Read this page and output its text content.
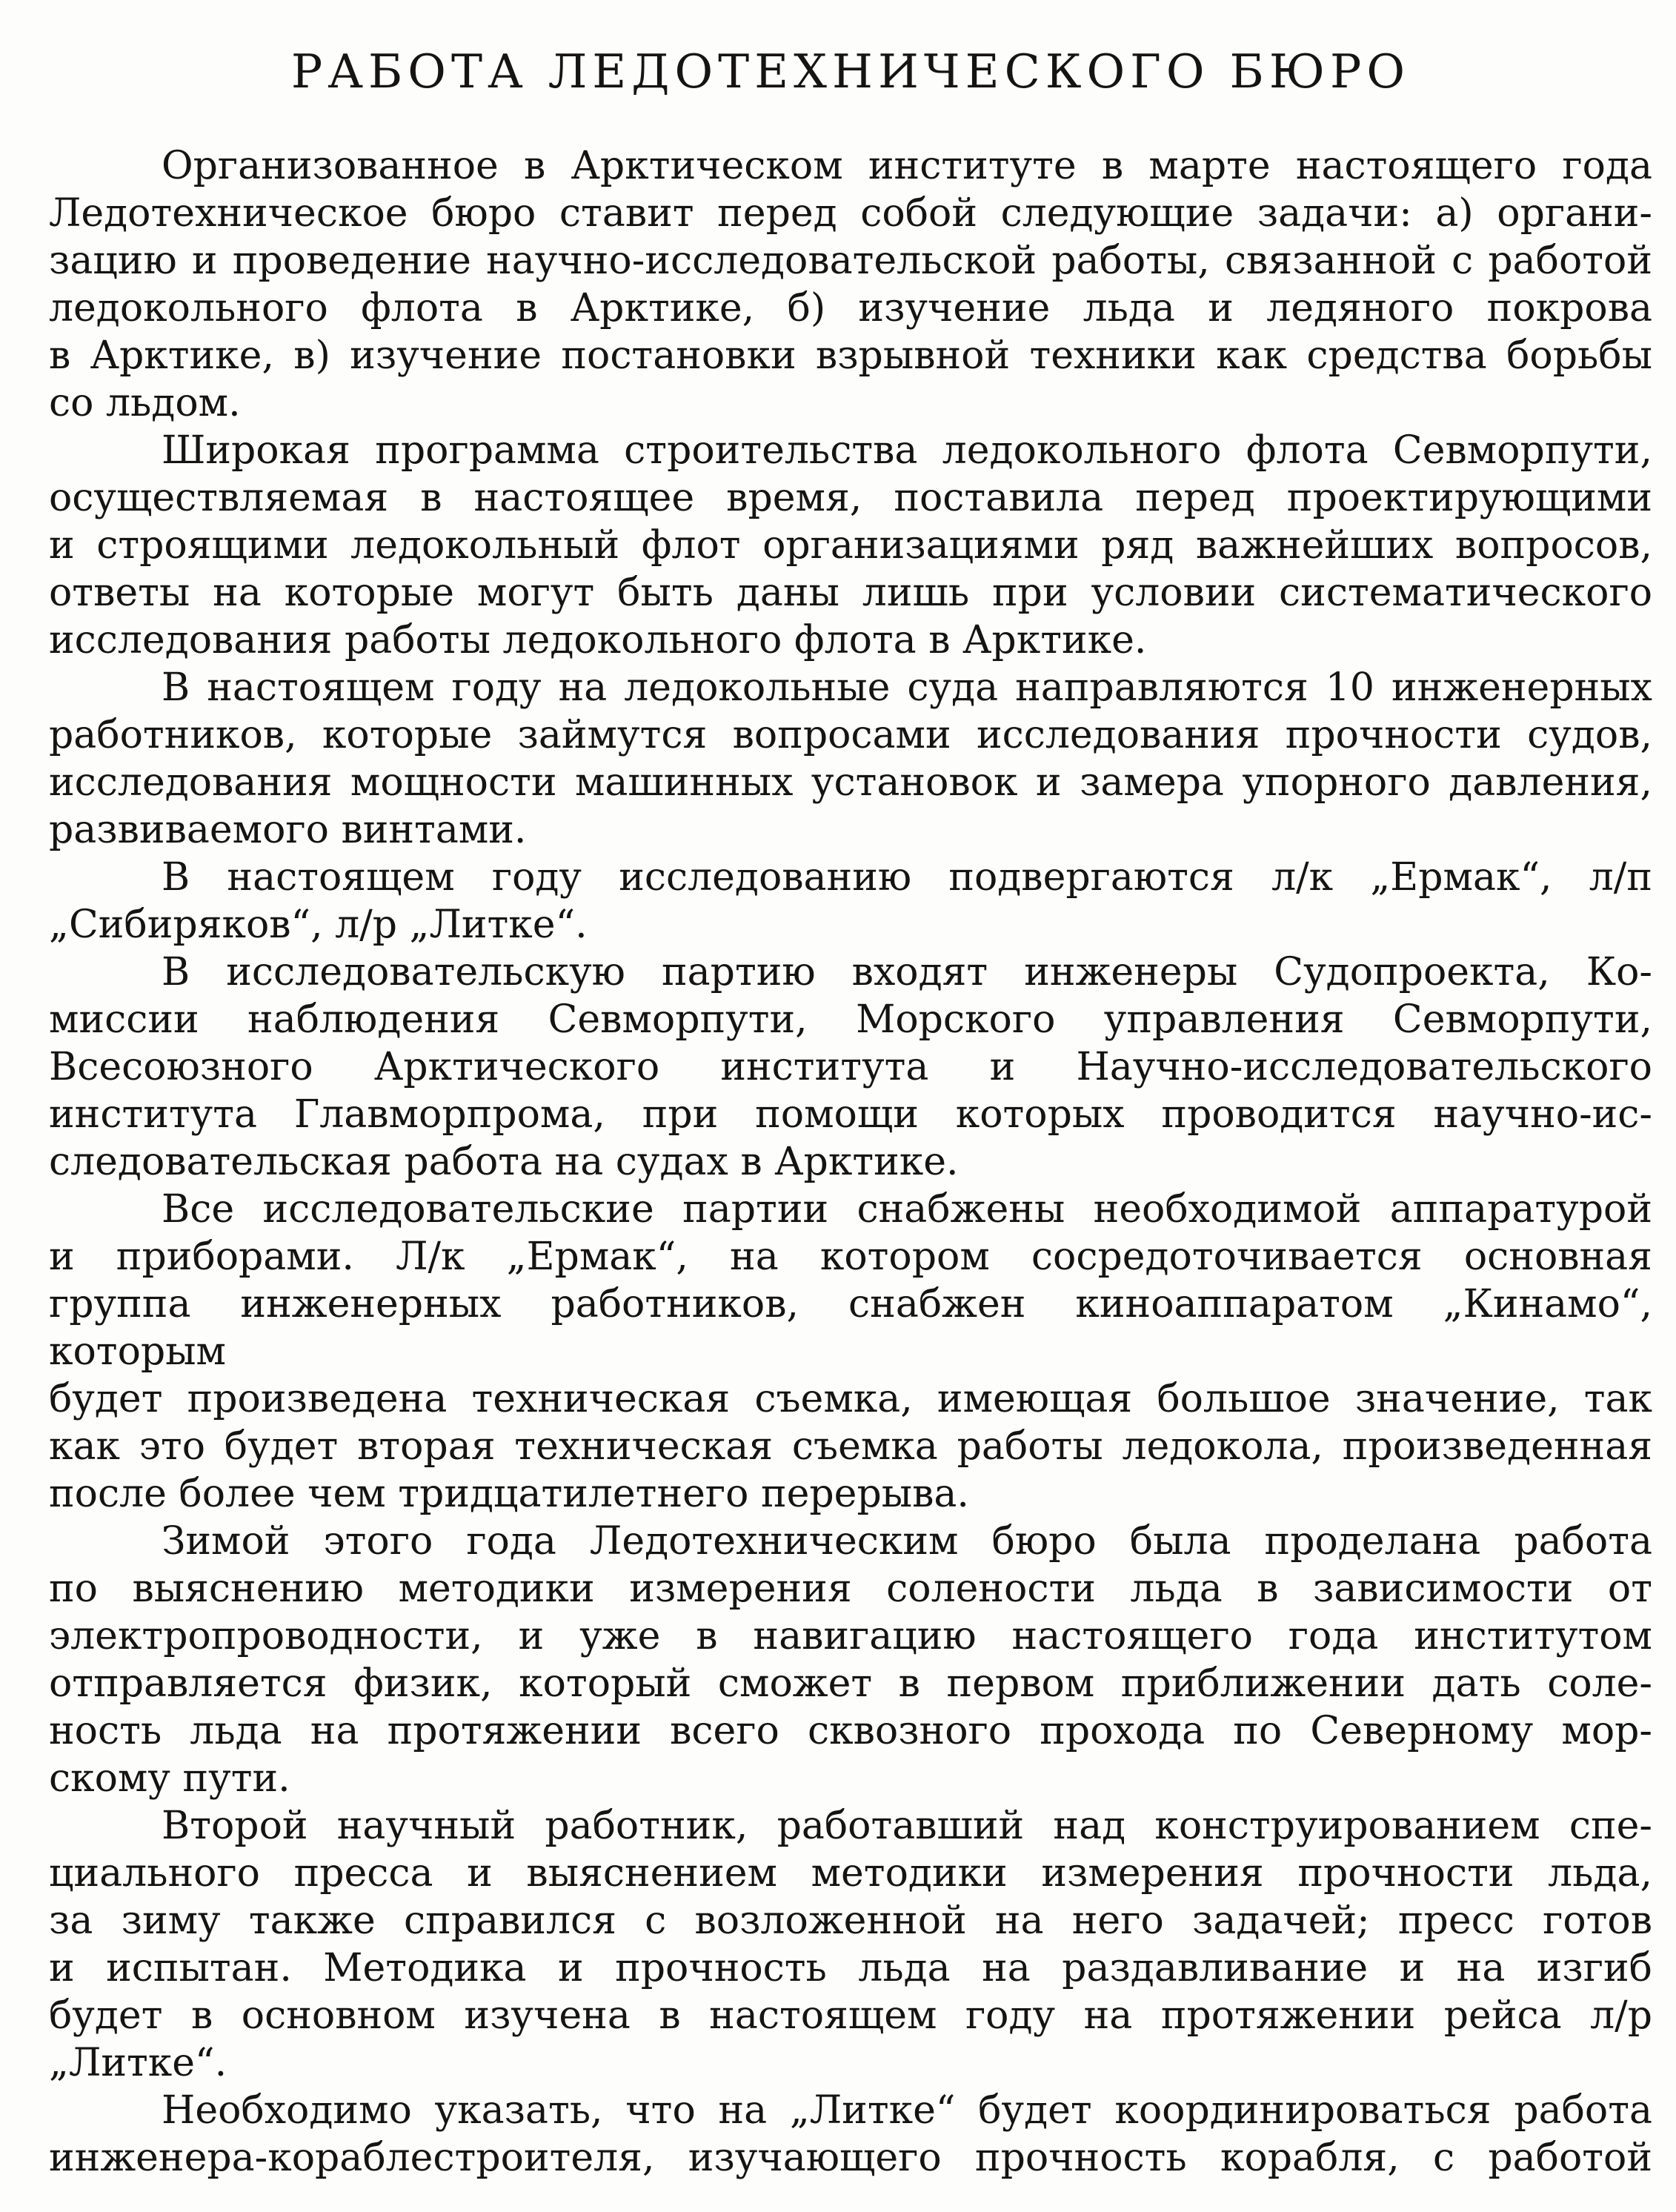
РАБОТА ЛЕДОТЕХНИЧЕСКОГО БЮРО
Организованное в Арктическом институте в марте настоящего года
Ледотехническое бюро ставит перед собой следующие задачи: а) органи-
зацию и проведение научно-исследовательской работы, связанной с работой
ледокольного флота в Арктике, б) изучение льда и ледяного покрова
в Арктике, в) изучение постановки взрывной техники как средства борьбы
со льдом.
Широкая программа строительства ледокольного флота Севморпути,
осуществляемая в настоящее время, поставила перед проектирующими
и строящими ледокольный флот организациями ряд важнейших вопросов,
ответы на которые могут быть даны лишь при условии систематического
исследования работы ледокольного флота в Арктике.
В настоящем году на ледокольные суда направляются 10 инженерных
работников, которые займутся вопросами исследования прочности судов,
исследования мощности машинных установок и замера упорного давления,
развиваемого винтами.
В настоящем году исследованию подвергаются л/к „Ермак“, л/п
„Сибиряков“, л/р „Литке“.
В исследовательскую партию входят инженеры Судопроекта, Ко-
миссии наблюдения Севморпути, Морского управления Севморпути,
Всесоюзного Арктического института и Научно-исследовательского
института Главморпрома, при помощи которых проводится научно-ис-
следовательская работа на судах в Арктике.
Все исследовательские партии снабжены необходимой аппаратурой
и приборами. Л/к „Ермак“, на котором сосредоточивается основная
группа инженерных работников, снабжен киноаппаратом „Кинамо“, которым
будет произведена техническая съемка, имеющая большое значение, так
как это будет вторая техническая съемка работы ледокола, произведенная
после более чем тридцатилетнего перерыва.
Зимой этого года Ледотехническим бюро была проделана работа
по выяснению методики измерения солености льда в зависимости от
электропроводности, и уже в навигацию настоящего года институтом
отправляется физик, который сможет в первом приближении дать соле-
ность льда на протяжении всего сквозного прохода по Северному мор-
скому пути.
Второй научный работник, работавший над конструированием спе-
циального пресса и выяснением методики измерения прочности льда,
за зиму также справился с возложенной на него задачей; пресс готов
и испытан. Методика и прочность льда на раздавливание и на изгиб
будет в основном изучена в настоящем году на протяжении рейса л/р
„Литке“.
Необходимо указать, что на „Литке“ будет координироваться работа
инженера-кораблестроителя, изучающего прочность корабля, с работой
